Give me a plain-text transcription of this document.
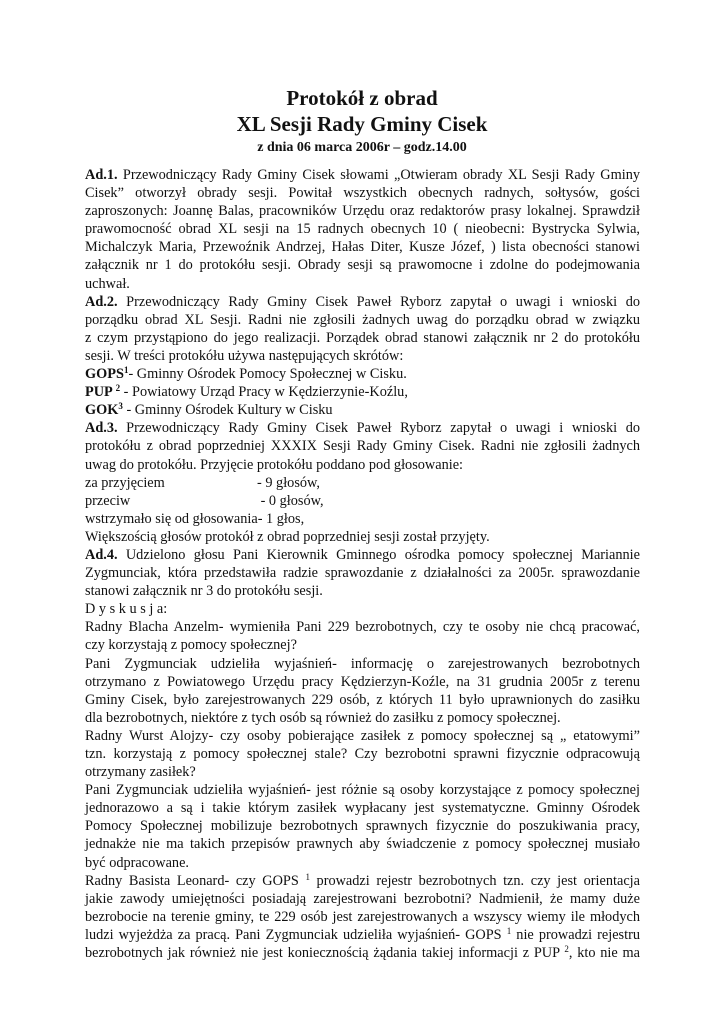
Protokół z obrad
XL Sesji Rady Gminy Cisek
z dnia 06 marca 2006r – godz.14.00
Ad.1. Przewodniczący Rady Gminy Cisek słowami „Otwieram obrady XL Sesji Rady Gminy
Cisek” otworzył obrady sesji. Powitał wszystkich obecnych radnych, sołtysów, gości
zaproszonych: Joannę Balas, pracowników Urzędu oraz redaktorów prasy lokalnej. Sprawdził
prawomocność obrad XL sesji na 15 radnych obecnych 10 ( nieobecni: Bystrycka Sylwia,
Michalczyk Maria, Przewoźnik Andrzej, Hałas Diter, Kusze Józef, ) lista obecności stanowi
załącznik nr 1 do protokółu sesji. Obrady sesji są prawomocne i zdolne do podejmowania
uchwał.
Ad.2. Przewodniczący Rady Gminy Cisek Paweł Ryborz zapytał o uwagi i wnioski do
porządku obrad XL Sesji. Radni nie zgłosili żadnych uwag do porządku obrad w związku
z czym przystąpiono do jego realizacji. Porządek obrad stanowi załącznik nr 2 do protokółu
sesji. W treści protokółu używa następujących skrótów:
GOPS$^1$- Gminny Ośrodek Pomocy Społecznej w Cisku.
PUP $^2$ - Powiatowy Urząd Pracy w Kędzierzynie-Koźlu,
GOK$^3$ - Gminny Ośrodek Kultury w Cisku
Ad.3. Przewodniczący Rady Gminy Cisek Paweł Ryborz zapytał o uwagi i wnioski do
protokółu z obrad poprzedniej XXXIX Sesji Rady Gminy Cisek. Radni nie zgłosili żadnych
uwag do protokółu. Przyjęcie protokółu poddano pod głosowanie:
za przyjęciem	- 9 głosów,
przeciw	- 0 głosów,
wstrzymało się od głosowania- 1 głos,
Większością głosów protokół z obrad poprzedniej sesji został przyjęty.
Ad.4. Udzielono głosu Pani Kierownik Gminnego ośrodka pomocy społecznej Mariannie
Zygmunciak, która przedstawiła radzie sprawozdanie z działalności za 2005r. sprawozdanie
stanowi załącznik nr 3 do protokółu sesji.
D y s k u s j a:
Radny Blacha Anzelm- wymieniła Pani 229 bezrobotnych, czy te osoby nie chcą pracować,
czy korzystają z pomocy społecznej?
Pani Zygmunciak udzieliła wyjaśnień- informację o zarejestrowanych bezrobotnych
otrzymano z Powiatowego Urzędu pracy Kędzierzyn-Koźle, na 31 grudnia 2005r z terenu
Gminy Cisek, było zarejestrowanych 229 osób, z których 11 było uprawnionych do zasiłku
dla bezrobotnych, niektóre z tych osób są również do zasiłku z pomocy społecznej.
Radny Wurst Alojzy- czy osoby pobierające zasiłek z pomocy społecznej są „ etatowymi”
tzn. korzystają z pomocy społecznej stale? Czy bezrobotni sprawni fizycznie odpracowują
otrzymany zasiłek?
Pani Zygmunciak udzieliła wyjaśnień- jest różnie są osoby korzystające z pomocy społecznej
jednorazowo a są i takie którym zasiłek wypłacany jest systematyczne. Gminny Ośrodek
Pomocy Społecznej mobilizuje bezrobotnych sprawnych fizycznie do poszukiwania pracy,
jednakże nie ma takich przepisów prawnych aby świadczenie z pomocy społecznej musiało
być odpracowane.
Radny Basista Leonard- czy GOPS $^1$ prowadzi rejestr bezrobotnych tzn. czy jest orientacja
jakie zawody umiejętności posiadają zarejestrowani bezrobotni? Nadmienił, że mamy duże
bezrobocie na terenie gminy, te 229 osób jest zarejestrowanych a wszyscy wiemy ile młodych
ludzi wyjeżdża za pracą. Pani Zygmunciak udzieliła wyjaśnień- GOPS $^1$ nie prowadzi rejestru
bezrobotnych jak również nie jest koniecznością żądania takiej informacji z PUP $^2$, kto nie ma
